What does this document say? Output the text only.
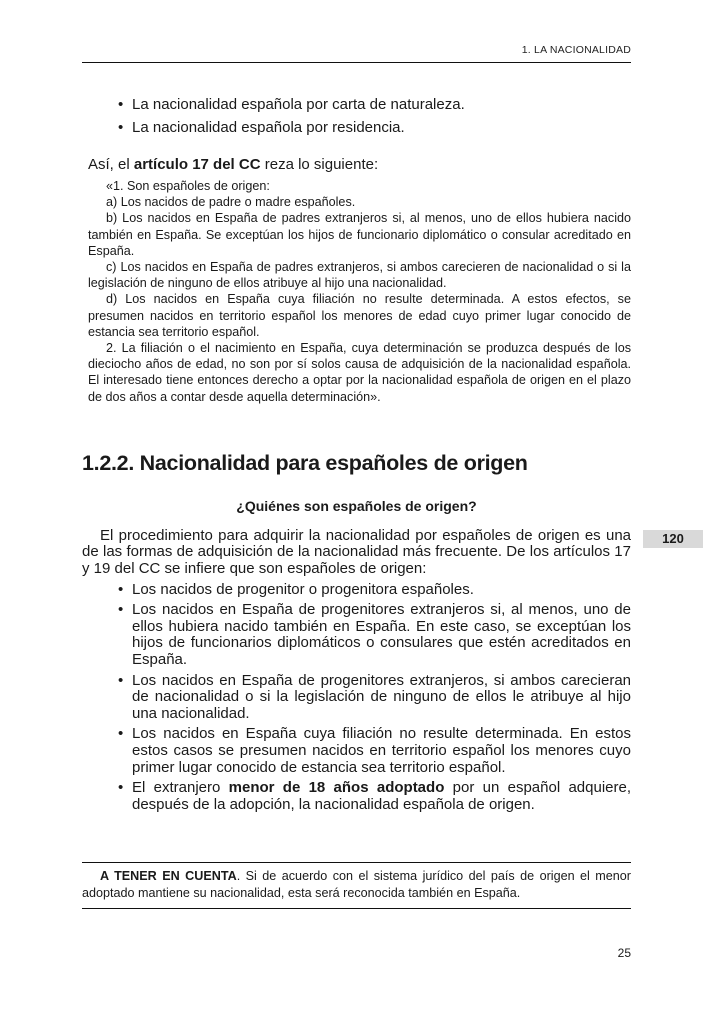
1. LA NACIONALIDAD
• La nacionalidad española por carta de naturaleza.
• La nacionalidad española por residencia.

Así, el artículo 17 del CC reza lo siguiente:

«1. Son españoles de origen:

a) Los nacidos de padre o madre españoles.

b) Los nacidos en España de padres extranjeros si, al menos, uno de ellos hubiera nacido también en España. Se exceptúan los hijos de funcionario diplomático o consular acreditado en España.

c) Los nacidos en España de padres extranjeros, si ambos carecieren de nacionalidad o si la legislación de ninguno de ellos atribuye al hijo una nacionalidad.

d) Los nacidos en España cuya filiación no resulte determinada. A estos efectos, se presumen nacidos en territorio español los menores de edad cuyo primer lugar conocido de estancia sea territorio español.

2. La filiación o el nacimiento en España, cuya determinación se produzca después de los dieciocho años de edad, no son por sí solos causa de adquisición de la nacionalidad española. El interesado tiene entonces derecho a optar por la nacionalidad española de origen en el plazo de dos años a contar desde aquella determinación».

1.2.2. Nacionalidad para españoles de origen
¿Quiénes son españoles de origen?

El procedimiento para adquirir la nacionalidad por españoles de origen es una de las formas de adquisición de la nacionalidad más frecuente. De los artículos 17 y 19 del CC se infiere que son españoles de origen:

• Los nacidos de progenitor o progenitora españoles.
• Los nacidos en España de progenitores extranjeros si, al menos, uno de ellos hubiera nacido también en España. En este caso, se exceptúan los hijos de funcionarios diplomáticos o consulares que estén acreditados en España.
• Los nacidos en España de progenitores extranjeros, si ambos carecieran de nacionalidad o si la legislación de ninguno de ellos le atribuye al hijo una nacionalidad.
• Los nacidos en España cuya filiación no resulte determinada. En estos estos casos se presumen nacidos en territorio español los menores cuyo primer lugar conocido de estancia sea territorio español.
• El extranjero menor de 18 años adoptado por un español adquiere, después de la adopción, la nacionalidad española de origen.
120

A TENER EN CUENTA. Si de acuerdo con el sistema jurídico del país de origen el menor adoptado mantiene su nacionalidad, esta será reconocida también en España.

25
